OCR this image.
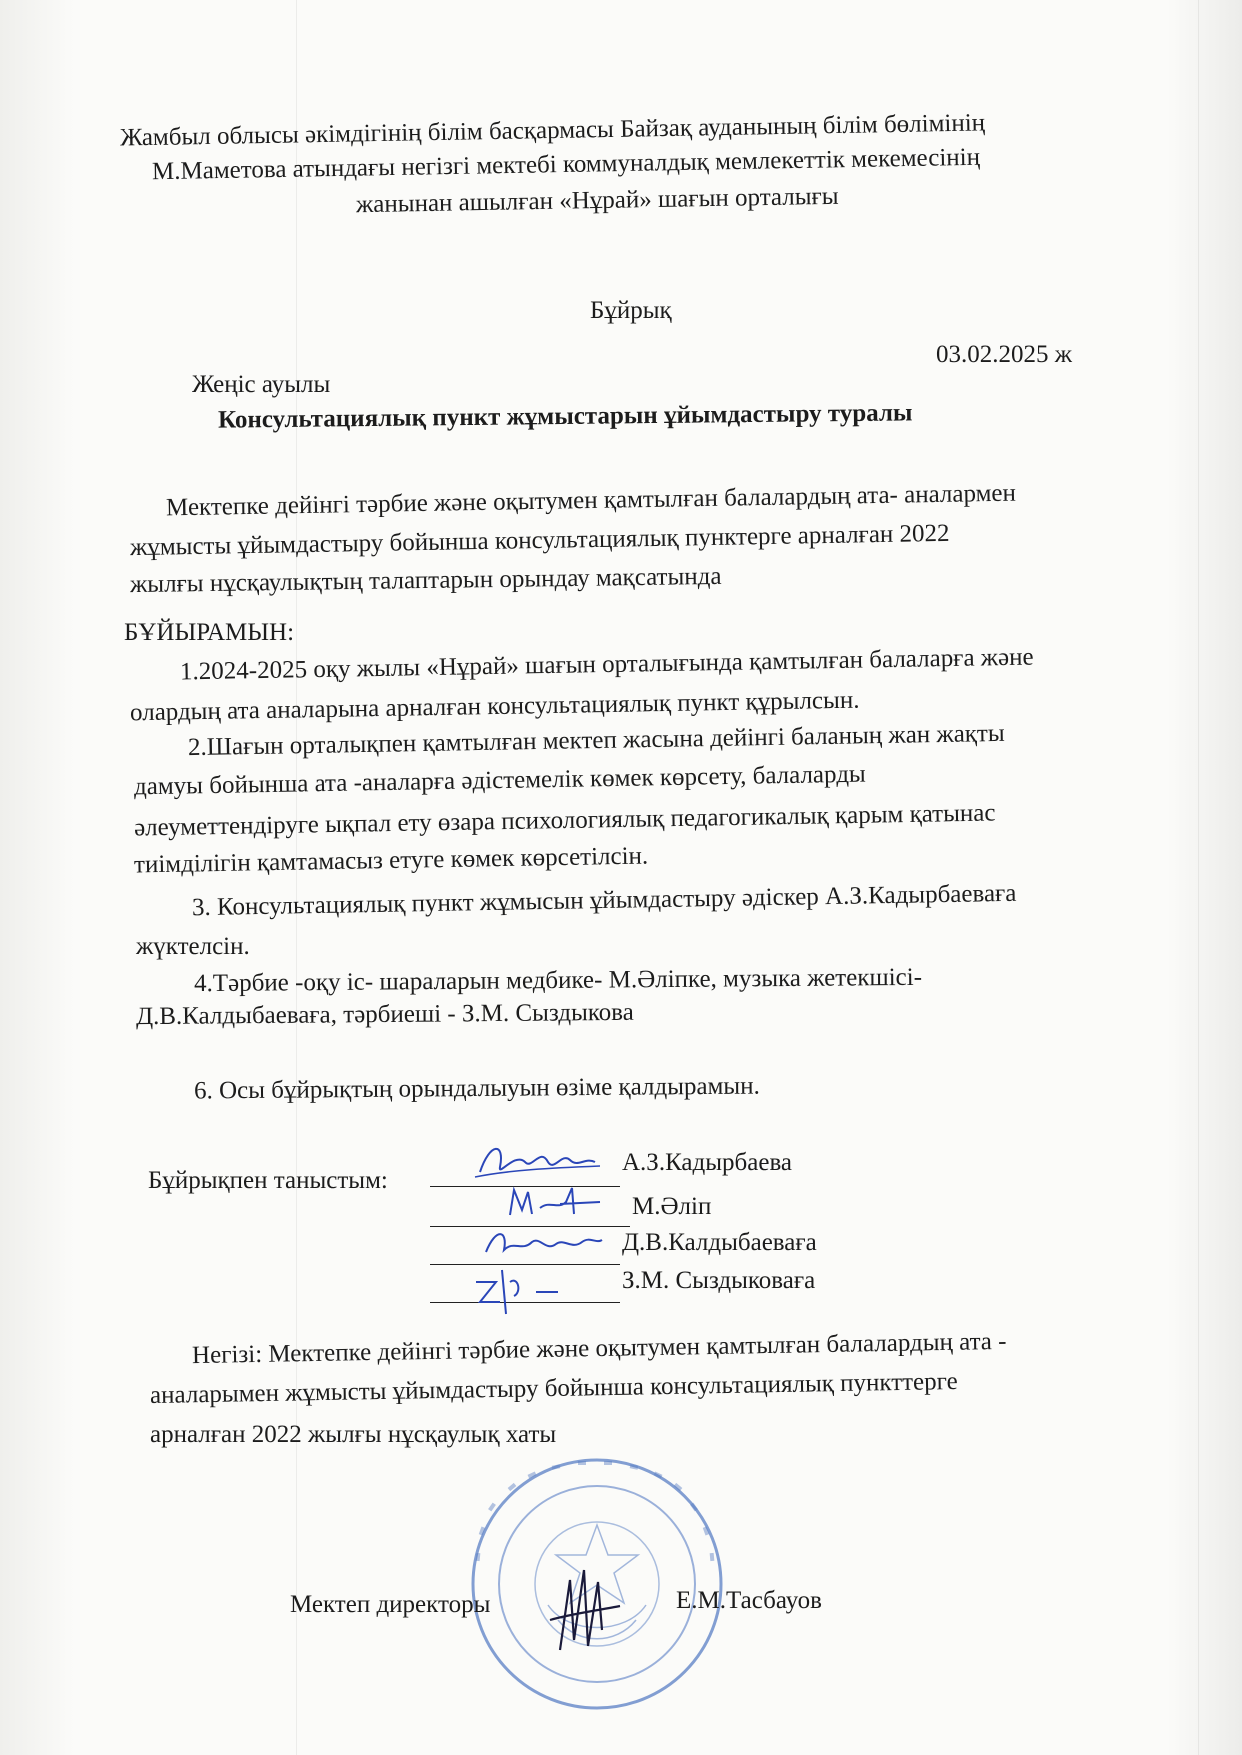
Жамбыл облысы әкімдігінің білім басқармасы Байзақ ауданының білім бөлімінің
М.Маметова атындағы негізгі мектебі коммуналдық мемлекеттік мекемесінің
жанынан ашылған «Нұрай» шағын орталығы
Бұйрық
03.02.2025 ж
Жеңіс ауылы
Консультациялық пункт жұмыстарын ұйымдастыру туралы
Мектепке дейінгі тәрбие және оқытумен қамтылған балалардың ата- аналармен
жұмысты ұйымдастыру бойынша консультациялық пунктерге арналған 2022
жылғы нұсқаулықтың талаптарын орындау мақсатында
БҰЙЫРАМЫН:
1.2024-2025 оқу жылы «Нұрай» шағын орталығында қамтылған балаларға және
олардың ата аналарына арналған консультациялық пункт құрылсын.
2.Шағын орталықпен қамтылған мектеп жасына дейінгі баланың жан жақты
дамуы бойынша ата -аналарға әдістемелік көмек көрсету, балаларды
әлеуметтендіруге ықпал ету өзара психологиялық педагогикалық қарым қатынас
тиімділігін қамтамасыз етуге көмек көрсетілсін.
3. Консультациялық пункт жұмысын ұйымдастыру әдіскер А.З.Кадырбаеваға
жүктелсін.
4.Тәрбие -оқу іс- шараларын медбике- М.Әліпке, музыка жетекшісі-
Д.В.Калдыбаеваға, тәрбиеші - З.М. Сыздыкова
6. Осы бұйрықтың орындалыуын өзіме қалдырамын.
Бұйрықпен таныстым:
А.З.Кадырбаева
М.Әліп
Д.В.Калдыбаеваға
З.М. Сыздыковаға
Негізі: Мектепке дейінгі тәрбие және оқытумен қамтылған балалардың ата -
аналарымен жұмысты ұйымдастыру бойынша консультациялық пункттерге
арналған 2022 жылғы нұсқаулық хаты
Мектеп директоры	Е.М.Тасбауов
